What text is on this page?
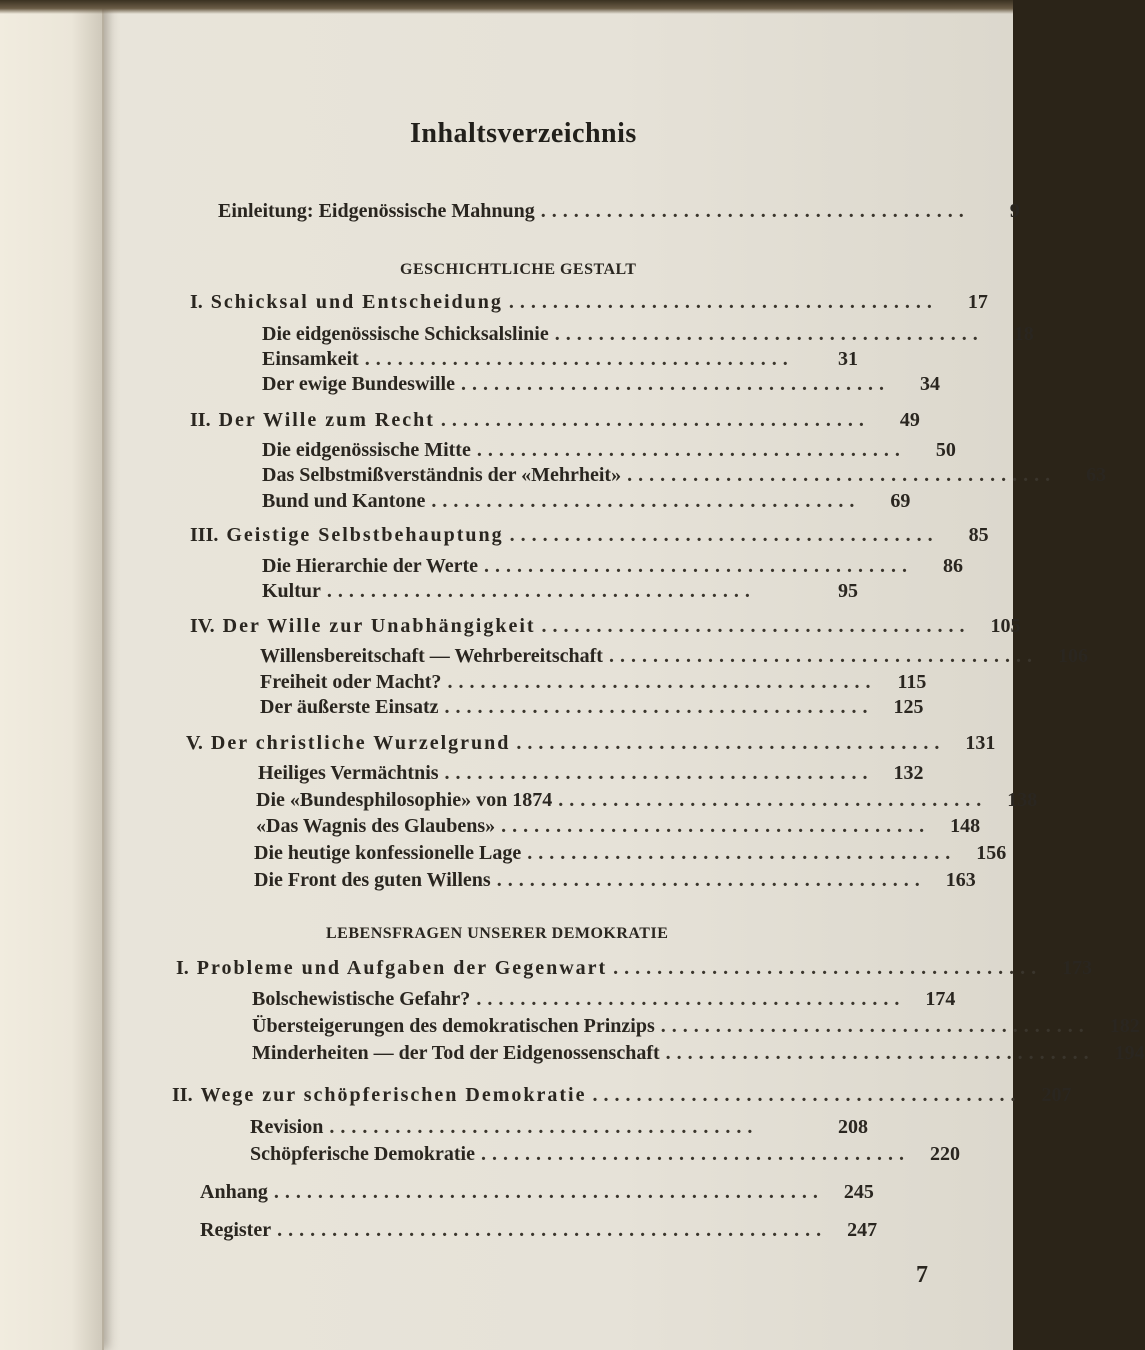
Inhaltsverzeichnis
Einleitung: Eidgenössische Mahnung .......................................	9
GESCHICHTLICHE GESTALT
I. Schicksal und Entscheidung .......................................	17
Die eidgenössische Schicksalslinie .......................................	18
Einsamkeit .......................................	31
Der ewige Bundeswille .......................................	34
II. Der Wille zum Recht .......................................	49
Die eidgenössische Mitte .......................................	50
Das Selbstmißverständnis der «Mehrheit» .......................................	63
Bund und Kantone .......................................	69
III. Geistige Selbstbehauptung .......................................	85
Die Hierarchie der Werte .......................................	86
Kultur .......................................	95
IV. Der Wille zur Unabhängigkeit .......................................	105
Willensbereitschaft — Wehrbereitschaft .......................................	106
Freiheit oder Macht? .......................................	115
Der äußerste Einsatz .......................................	125
V. Der christliche Wurzelgrund .......................................	131
Heiliges Vermächtnis .......................................	132
Die «Bundesphilosophie» von 1874 .......................................	138
«Das Wagnis des Glaubens» .......................................	148
Die heutige konfessionelle Lage .......................................	156
Die Front des guten Willens .......................................	163
LEBENSFRAGEN UNSERER DEMOKRATIE
I. Probleme und Aufgaben der Gegenwart .......................................	173
Bolschewistische Gefahr? .......................................	174
Übersteigerungen des demokratischen Prinzips .......................................	182
Minderheiten — der Tod der Eidgenossenschaft .......................................	194
II. Wege zur schöpferischen Demokratie .......................................	207
Revision .......................................	208
Schöpferische Demokratie .......................................	220
Anhang ..................................................	245
Register ..................................................	247
7
